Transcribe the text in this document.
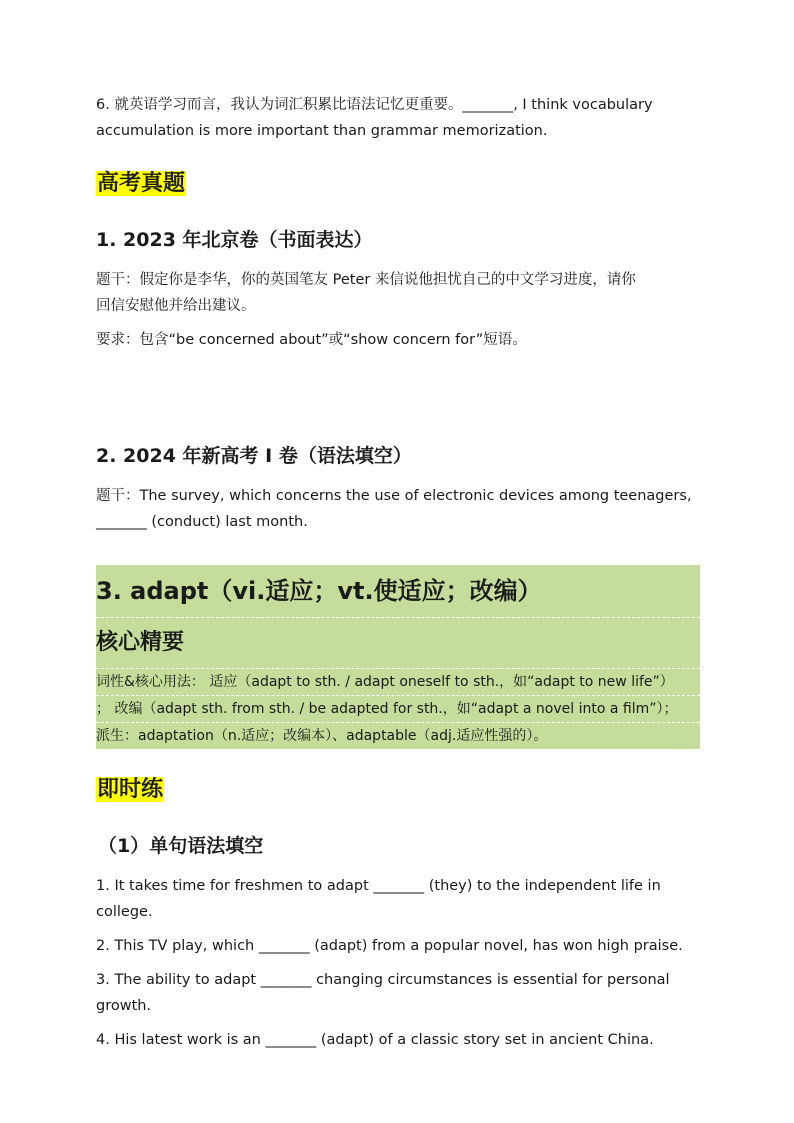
6. 就英语学习而言，我认为词汇积累比语法记忆更重要。_______, I think vocabulary
accumulation is more important than grammar memorization.
高考真题
1. 2023 年北京卷（书面表达）
题干：假定你是李华，你的英国笔友 Peter 来信说他担忧自己的中文学习进度，请你
回信安慰他并给出建议。
要求：包含“be concerned about”或“show concern for”短语。
2. 2024 年新高考 I 卷（语法填空）
题干：The survey, which concerns the use of electronic devices among teenagers,
_______ (conduct) last month.
3. adapt（vi.适应；vt.使适应；改编）
核心精要
词性&核心用法： 适应（adapt to sth. / adapt oneself to sth.，如“adapt to new life”）
； 改编（adapt sth. from sth. / be adapted for sth.，如“adapt a novel into a film”）；
派生：adaptation（n.适应；改编本）、adaptable（adj.适应性强的）。
即时练
（1）单句语法填空
1. It takes time for freshmen to adapt _______ (they) to the independent life in college.
2. This TV play, which _______ (adapt) from a popular novel, has won high praise.
3. The ability to adapt _______ changing circumstances is essential for personal growth.
4. His latest work is an _______ (adapt) of a classic story set in ancient China.
